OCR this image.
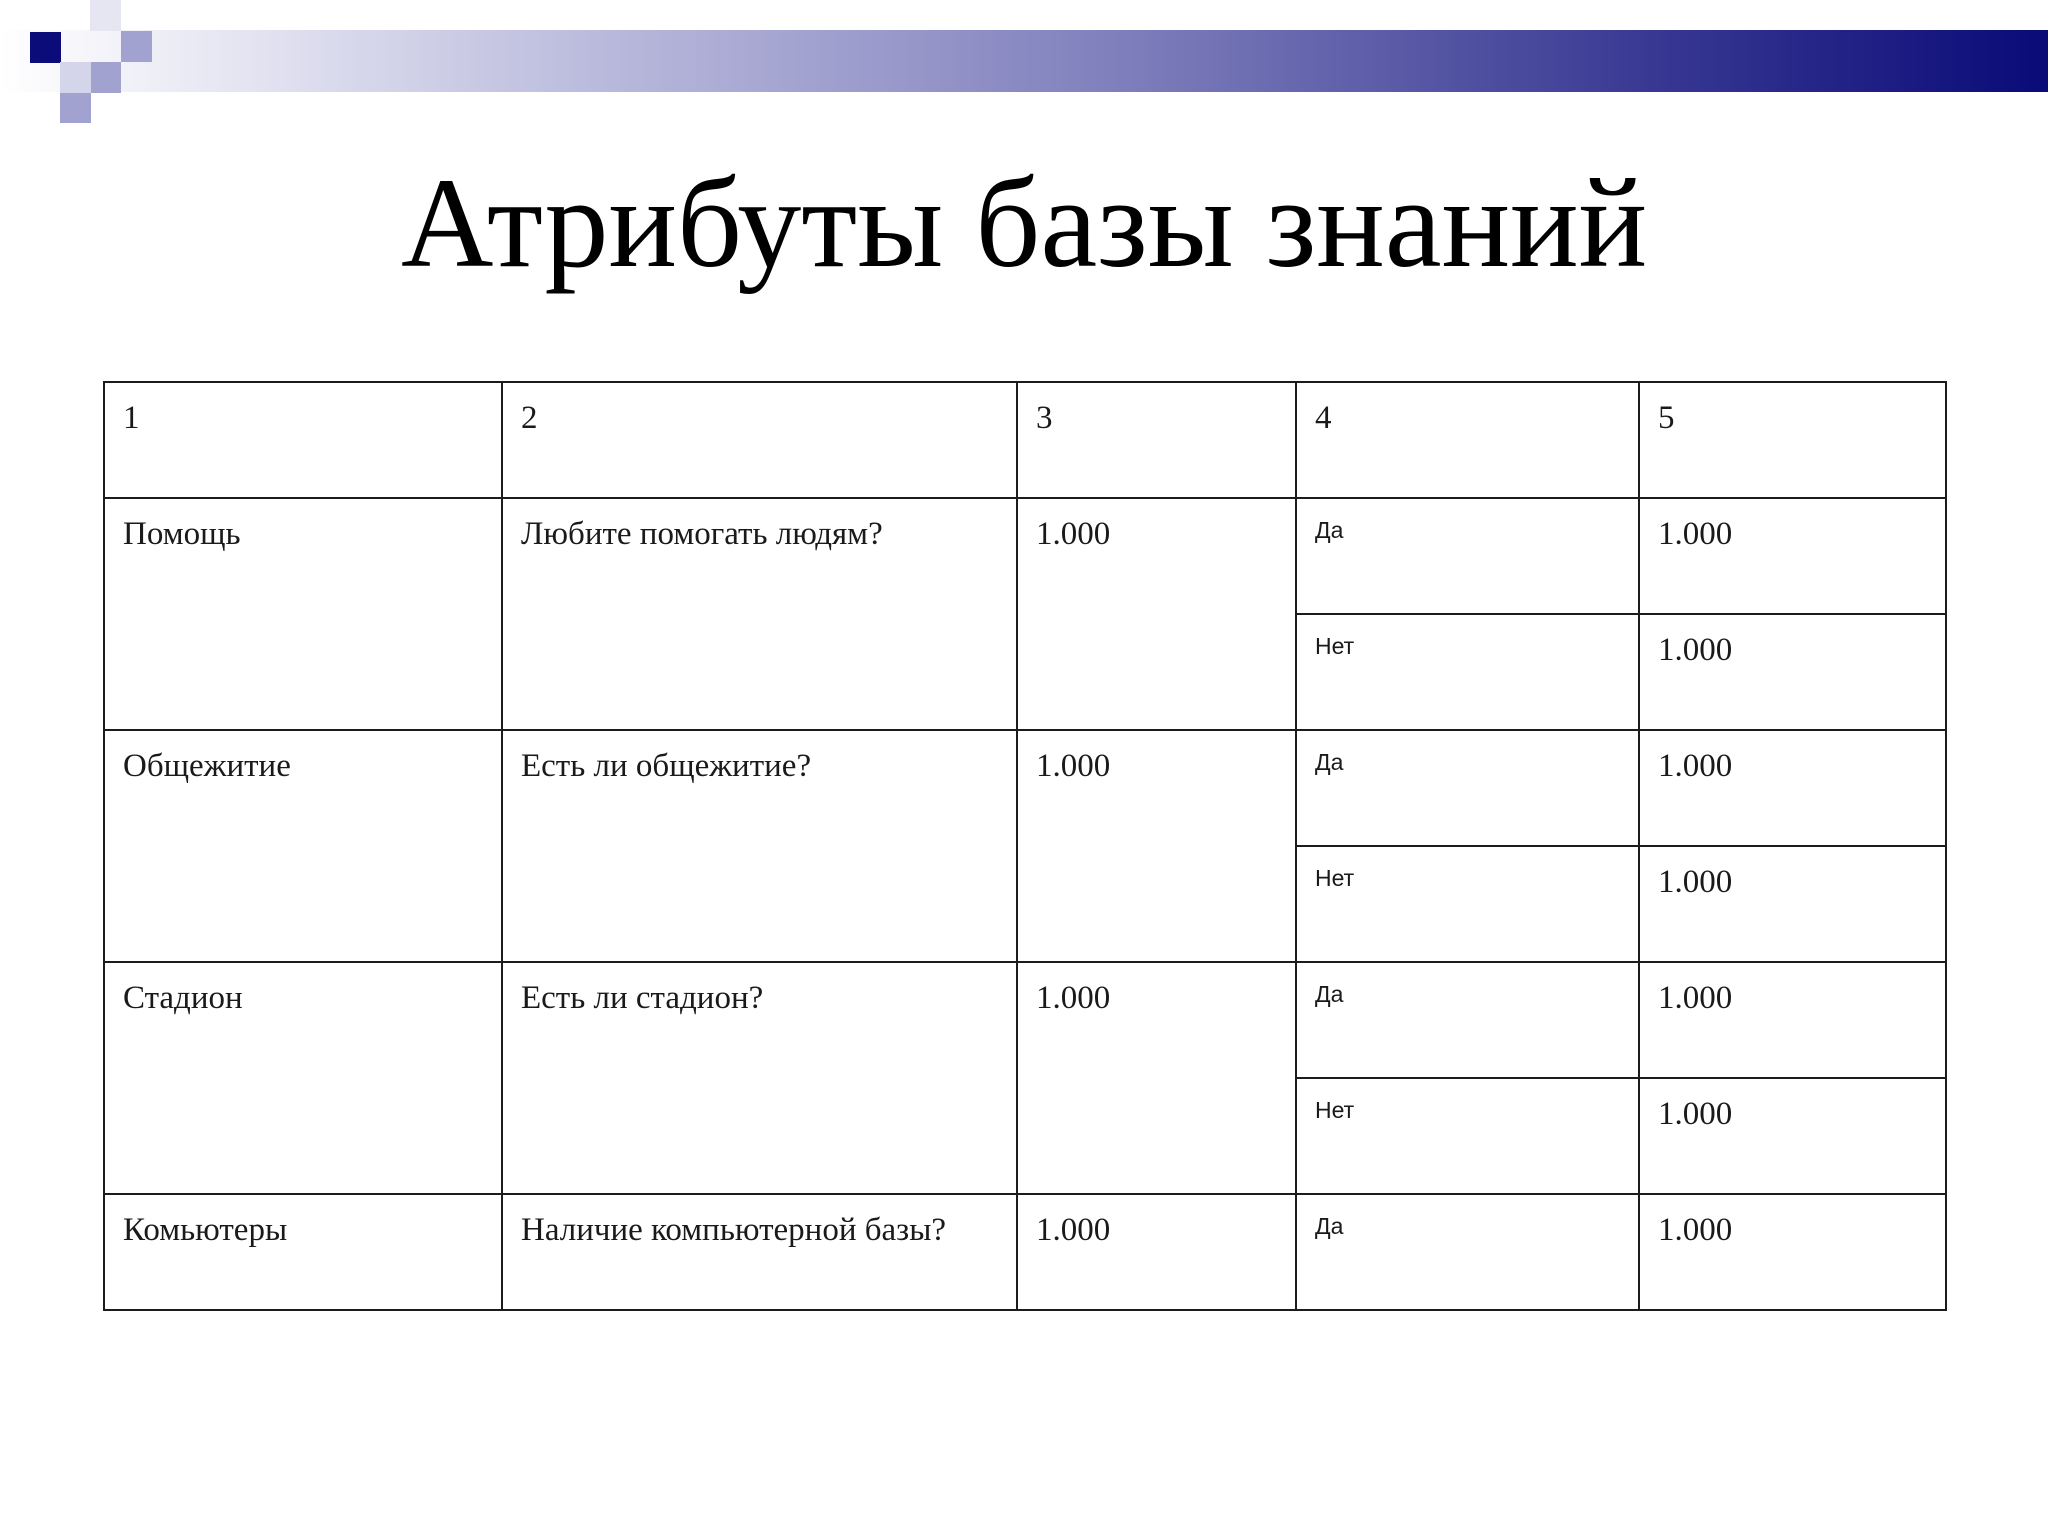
Атрибуты базы знаний
1	2	3	4	5
Помощь	Любите помогать людям?	1.000	Да	1.000
			Нет	1.000
Общежитие	Есть ли общежитие?	1.000	Да	1.000
			Нет	1.000
Стадион	Есть ли стадион?	1.000	Да	1.000
			Нет	1.000
Комьютеры	Наличие компьютерной базы?	1.000	Да	1.000
